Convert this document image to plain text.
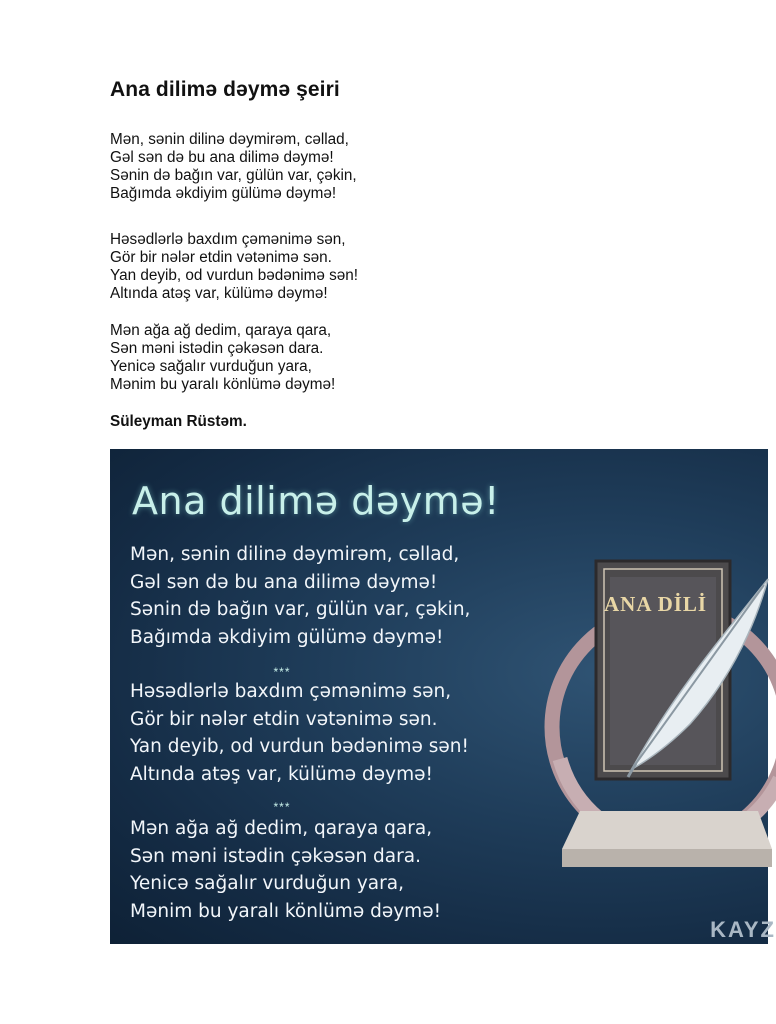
Ana dilimə dəymə şeiri

Mən, sənin dilinə dəymirəm, cəllad,
Gəl sən də bu ana dilimə dəymə!
Sənin də bağın var, gülün var, çəkin,
Bağımda əkdiyim gülümə dəymə!

Həsədlərlə baxdım çəmənimə sən,
Gör bir nələr etdin vətənimə sən.
Yan deyib, od vurdun bədənimə sən!
Altında atəş var, külümə dəymə!

Mən ağa ağ dedim, qaraya qara,
Sən məni istədin çəkəsən dara.
Yenicə sağalır vurduğun yara,
Mənim bu yaralı könlümə dəymə!

Süleyman Rüstəm.

ANA DİLİ
Ana dilimə dəymə!
Mən, sənin dilinə dəymirəm, cəllad,
Gəl sən də bu ana dilimə dəymə!
Sənin də bağın var, gülün var, çəkin,
Bağımda əkdiyim gülümə dəymə!
***
Həsədlərlə baxdım çəmənimə sən,
Gör bir nələr etdin vətənimə sən.
Yan deyib, od vurdun bədənimə sən!
Altında atəş var, külümə dəymə!
***
Mən ağa ağ dedim, qaraya qara,
Sən məni istədin çəkəsən dara.
Yenicə sağalır vurduğun yara,
Mənim bu yaralı könlümə dəymə!
KAYZ
